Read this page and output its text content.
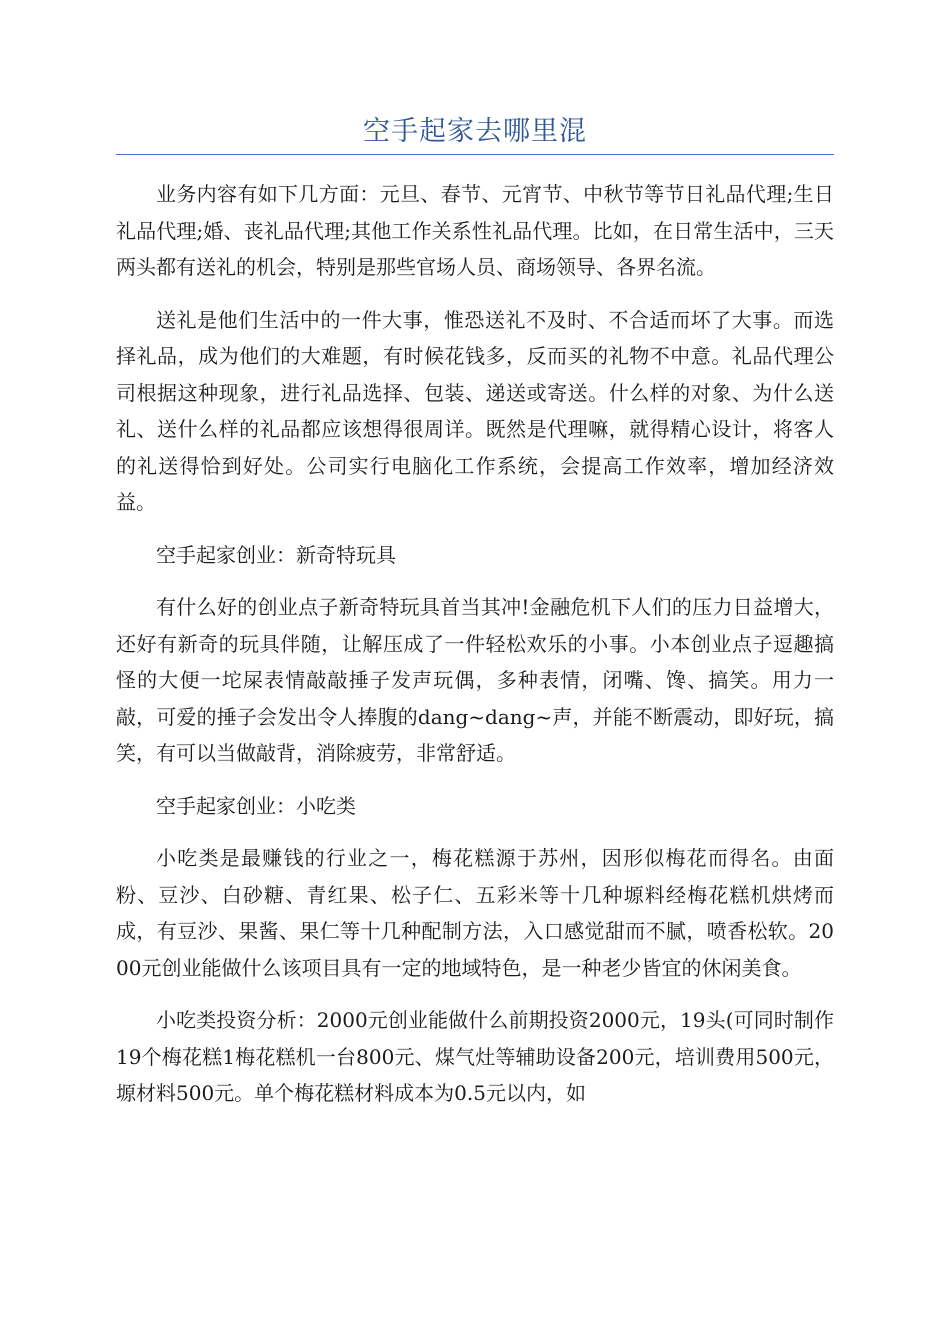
空手起家去哪里混

业务内容有如下几方面：元旦、春节、元宵节、中秋节等节日礼品代理;生日礼品代理;婚、丧礼品代理;其他工作关系性礼品代理。比如，在日常生活中，三天两头都有送礼的机会，特别是那些官场人员、商场领导、各界名流。

送礼是他们生活中的一件大事，惟恐送礼不及时、不合适而坏了大事。而选择礼品，成为他们的大难题，有时候花钱多，反而买的礼物不中意。礼品代理公司根据这种现象，进行礼品选择、包装、递送或寄送。什么样的对象、为什么送礼、送什么样的礼品都应该想得很周详。既然是代理嘛，就得精心设计，将客人的礼送得恰到好处。公司实行电脑化工作系统，会提高工作效率，增加经济效益。

空手起家创业：新奇特玩具

有什么好的创业点子新奇特玩具首当其冲!金融危机下人们的压力日益增大，还好有新奇的玩具伴随，让解压成了一件轻松欢乐的小事。小本创业点子逗趣搞怪的大便一坨屎表情敲敲捶子发声玩偶，多种表情，闭嘴、馋、搞笑。用力一敲，可爱的捶子会发出令人捧腹的dang~dang~声，并能不断震动，即好玩，搞笑，有可以当做敲背，消除疲劳，非常舒适。

空手起家创业：小吃类

小吃类是最赚钱的行业之一，梅花糕源于苏州，因形似梅花而得名。由面粉、豆沙、白砂糖、青红果、松子仁、五彩米等十几种塬料经梅花糕机烘烤而成，有豆沙、果酱、果仁等十几种配制方法，入口感觉甜而不腻，喷香松软。2000元创业能做什么该项目具有一定的地域特色，是一种老少皆宜的休闲美食。

小吃类投资分析：2000元创业能做什么前期投资2000元，19头(可同时制作19个梅花糕1梅花糕机一台800元、煤气灶等辅助设备200元，培训费用500元，塬材料500元。单个梅花糕材料成本为0.5元以内，如
